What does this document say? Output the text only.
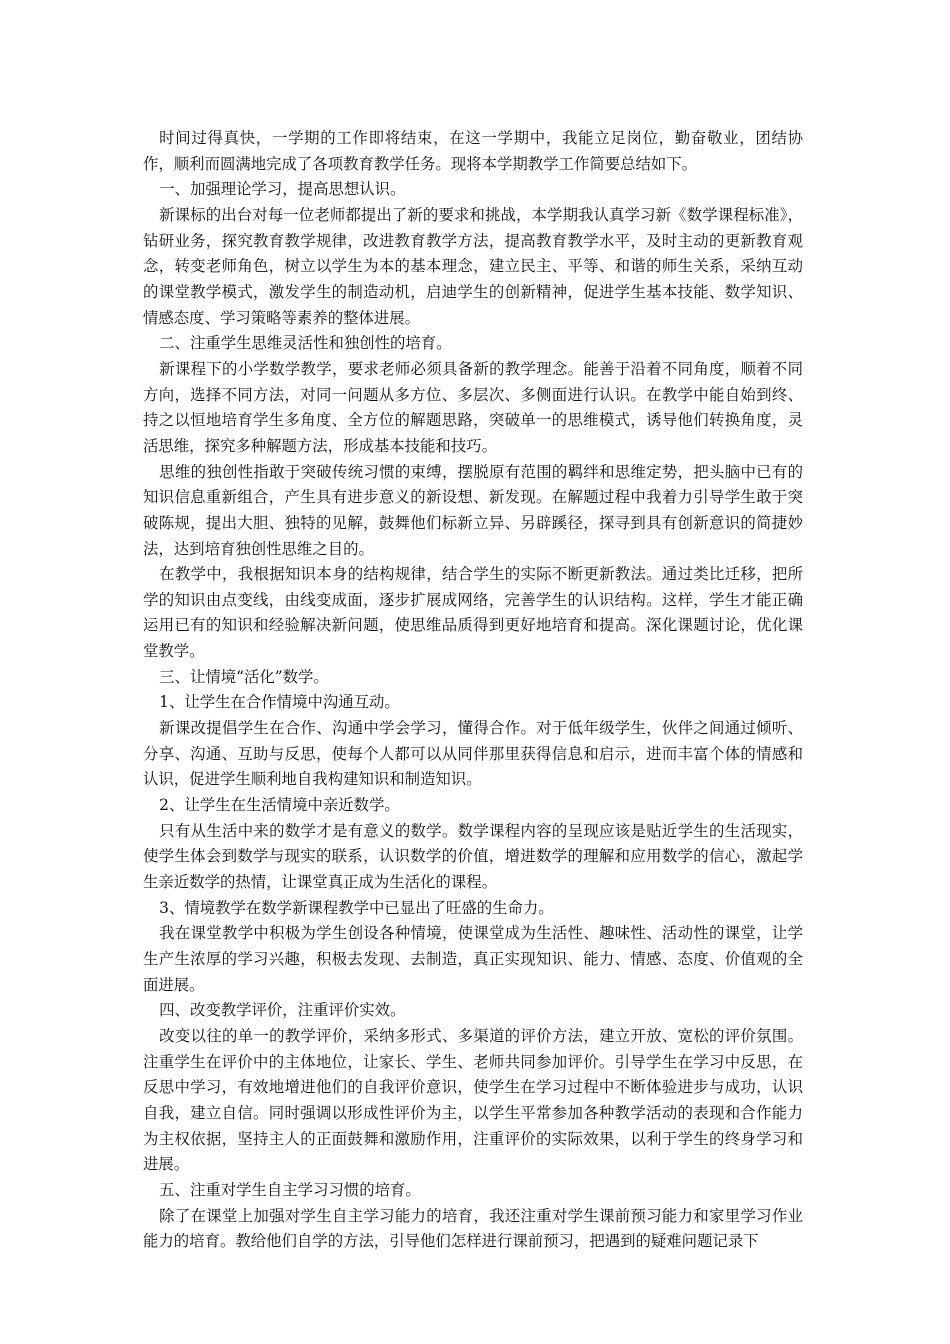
时间过得真快，一学期的工作即将结束，在这一学期中，我能立足岗位，勤奋敬业，团结协作，顺利而圆满地完成了各项教育教学任务。现将本学期教学工作简要总结如下。

一、加强理论学习，提高思想认识。

新课标的出台对每一位老师都提出了新的要求和挑战，本学期我认真学习新《数学课程标准》，钻研业务，探究教育教学规律，改进教育教学方法，提高教育教学水平，及时主动的更新教育观念，转变老师角色，树立以学生为本的基本理念，建立民主、平等、和谐的师生关系，采纳互动的课堂教学模式，激发学生的制造动机，启迪学生的创新精神，促进学生基本技能、数学知识、情感态度、学习策略等素养的整体进展。

二、注重学生思维灵活性和独创性的培育。

新课程下的小学数学教学，要求老师必须具备新的教学理念。能善于沿着不同角度，顺着不同方向，选择不同方法，对同一问题从多方位、多层次、多侧面进行认识。在教学中能自始到终、持之以恒地培育学生多角度、全方位的解题思路，突破单一的思维模式，诱导他们转换角度，灵活思维，探究多种解题方法，形成基本技能和技巧。

思维的独创性指敢于突破传统习惯的束缚，摆脱原有范围的羁绊和思维定势，把头脑中已有的知识信息重新组合，产生具有进步意义的新设想、新发现。在解题过程中我着力引导学生敢于突破陈规，提出大胆、独特的见解，鼓舞他们标新立异、另辟蹊径，探寻到具有创新意识的简捷妙法，达到培育独创性思维之目的。

在教学中，我根据知识本身的结构规律，结合学生的实际不断更新教法。通过类比迁移，把所学的知识由点变线，由线变成面，逐步扩展成网络，完善学生的认识结构。这样，学生才能正确运用已有的知识和经验解决新问题，使思维品质得到更好地培育和提高。深化课题讨论，优化课堂教学。

三、让情境“活化”数学。

1、让学生在合作情境中沟通互动。

新课改提倡学生在合作、沟通中学会学习，懂得合作。对于低年级学生，伙伴之间通过倾听、分享、沟通、互助与反思，使每个人都可以从同伴那里获得信息和启示，进而丰富个体的情感和认识，促进学生顺利地自我构建知识和制造知识。

2、让学生在生活情境中亲近数学。

只有从生活中来的数学才是有意义的数学。数学课程内容的呈现应该是贴近学生的生活现实，使学生体会到数学与现实的联系，认识数学的价值，增进数学的理解和应用数学的信心，激起学生亲近数学的热情，让课堂真正成为生活化的课程。

3、情境教学在数学新课程教学中已显出了旺盛的生命力。

我在课堂教学中积极为学生创设各种情境，使课堂成为生活性、趣味性、活动性的课堂，让学生产生浓厚的学习兴趣，积极去发现、去制造，真正实现知识、能力、情感、态度、价值观的全面进展。

四、改变教学评价，注重评价实效。

改变以往的单一的教学评价，采纳多形式、多渠道的评价方法，建立开放、宽松的评价氛围。注重学生在评价中的主体地位，让家长、学生、老师共同参加评价。引导学生在学习中反思，在反思中学习，有效地增进他们的自我评价意识，使学生在学习过程中不断体验进步与成功，认识自我，建立自信。同时强调以形成性评价为主，以学生平常参加各种教学活动的表现和合作能力为主权依据，坚持主人的正面鼓舞和激励作用，注重评价的实际效果，以利于学生的终身学习和进展。

五、注重对学生自主学习习惯的培育。

除了在课堂上加强对学生自主学习能力的培育，我还注重对学生课前预习能力和家里学习作业能力的培育。教给他们自学的方法，引导他们怎样进行课前预习，把遇到的疑难问题记录下
